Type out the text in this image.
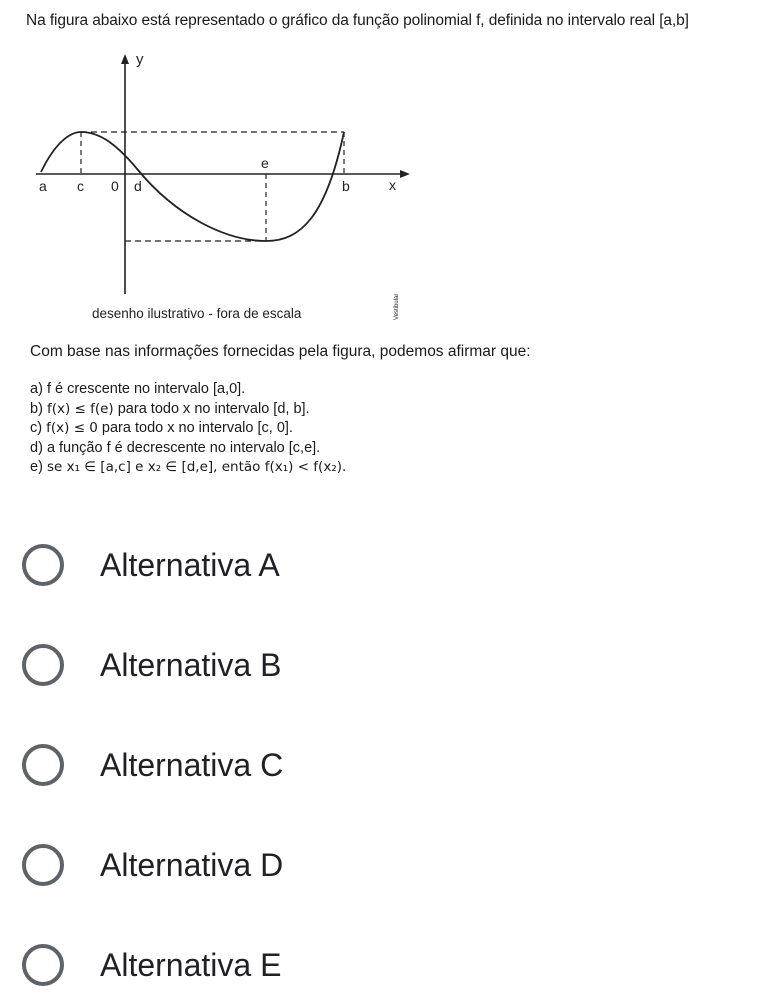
Na figura abaixo está representado o gráfico da função polinomial f, definida no intervalo real [a,b]
y
x
a c 0 d
e
b
desenho ilustrativo - fora de escala	Vestibular
Com base nas informações fornecidas pela figura, podemos afirmar que:
a) f é crescente no intervalo [a,0].
b) f(x) ≤ f(e) para todo x no intervalo [d, b].
c) f(x) ≤ 0 para todo x no intervalo [c, 0].
d) a função f é decrescente no intervalo [c,e].
e) se x₁ ∈ [a,c] e x₂ ∈ [d,e], então f(x₁) < f(x₂).
Alternativa A
Alternativa B
Alternativa C
Alternativa D
Alternativa E
